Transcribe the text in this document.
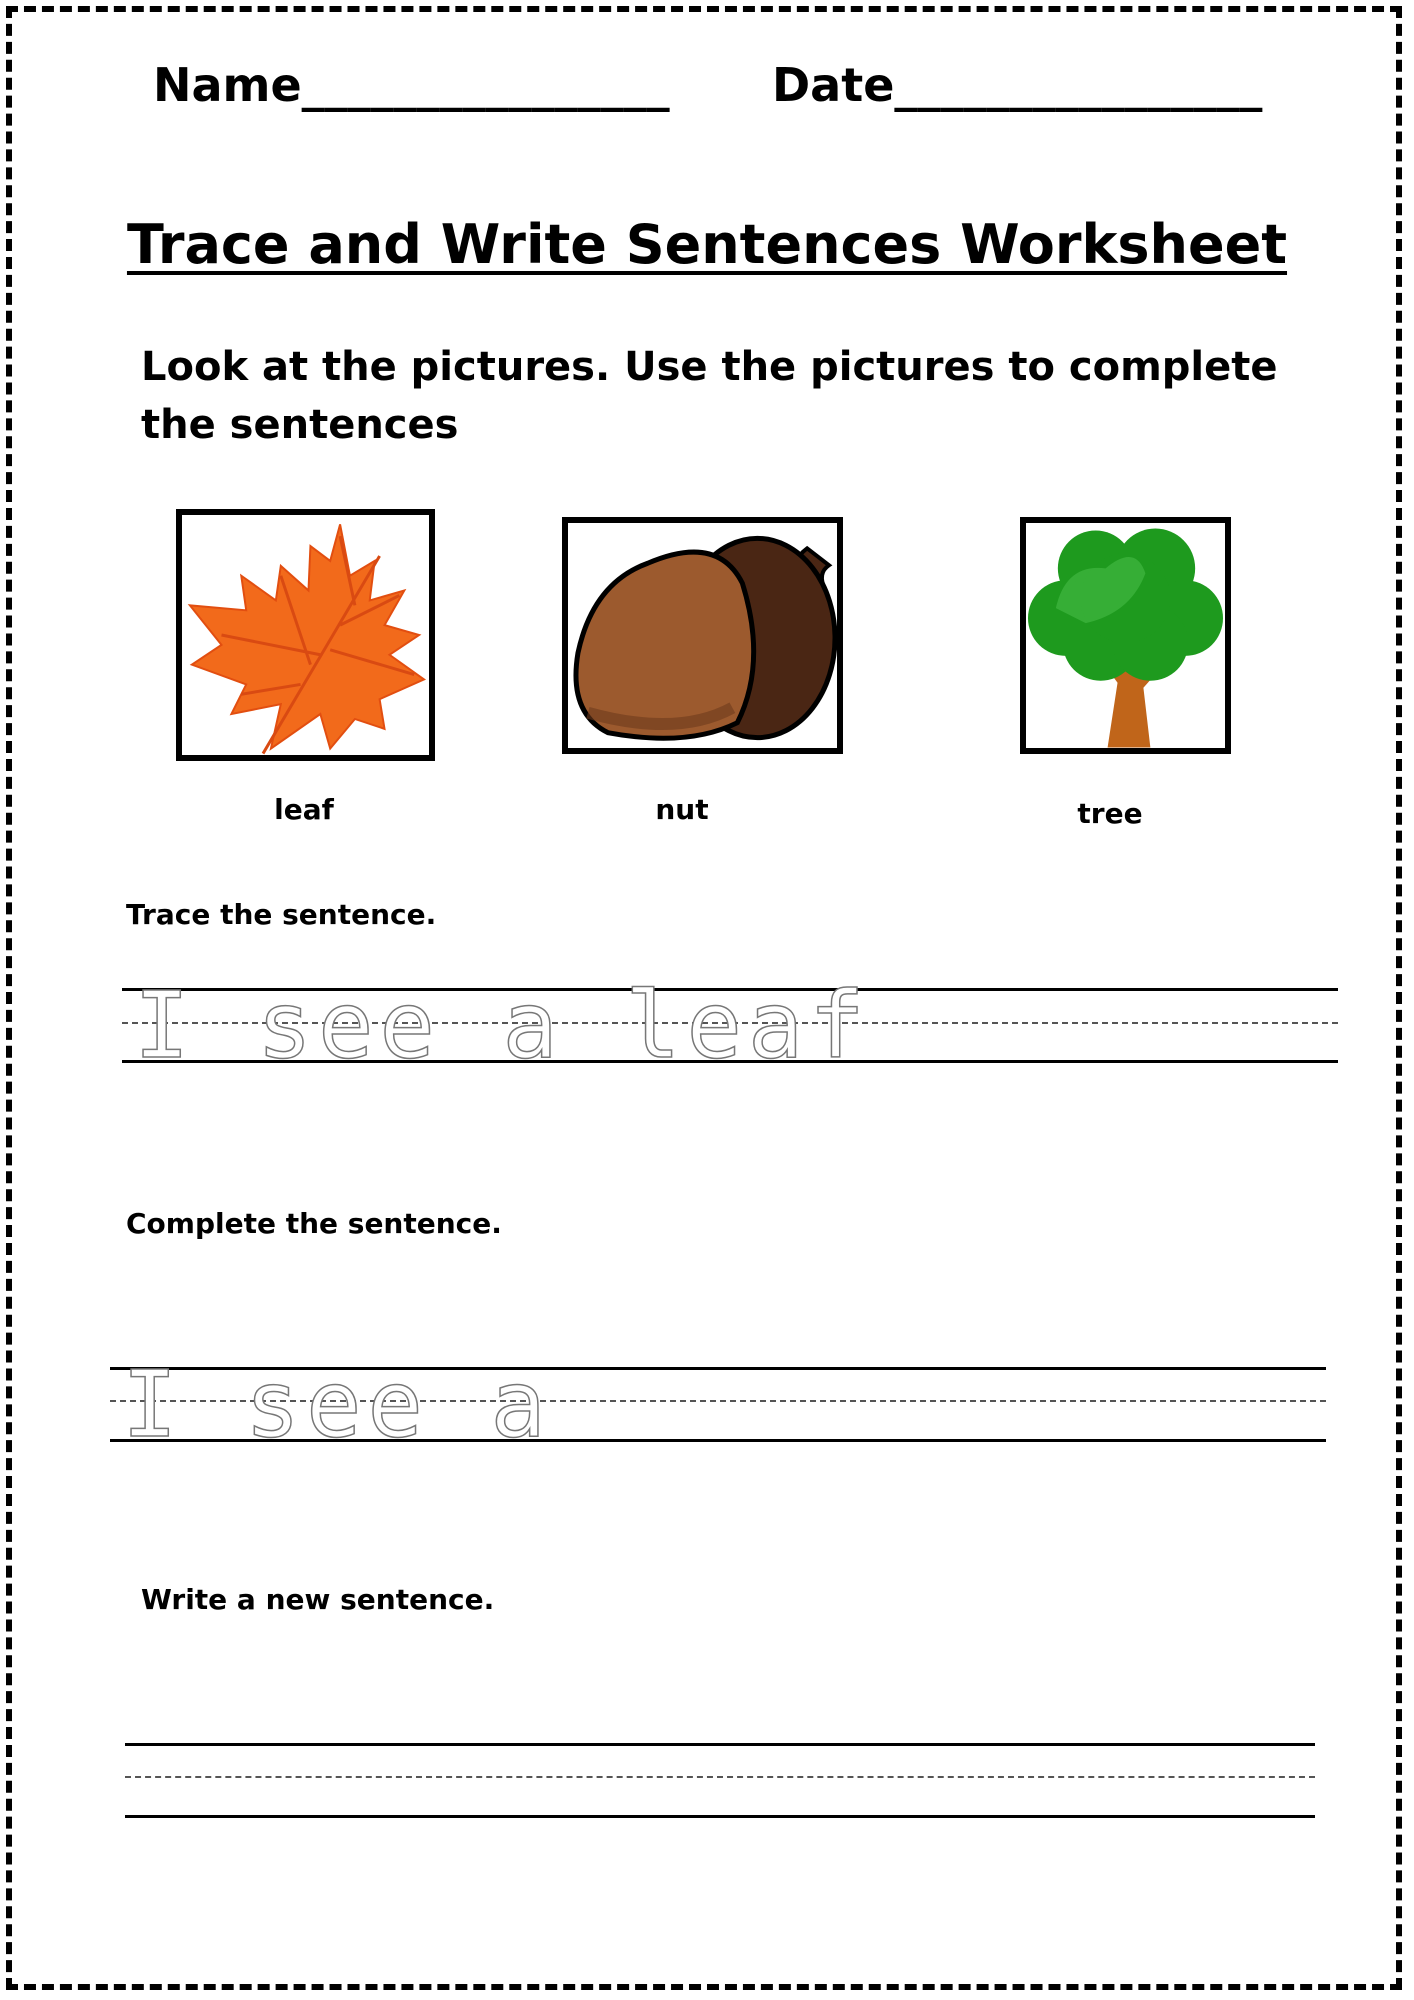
Name________________ Date________________
Trace and Write Sentences Worksheet
Look at the pictures. Use the pictures to complete the sentences
leaf	nut	tree
Trace the sentence.
I see a leaf
Complete the sentence.
I see a
Write a new sentence.
